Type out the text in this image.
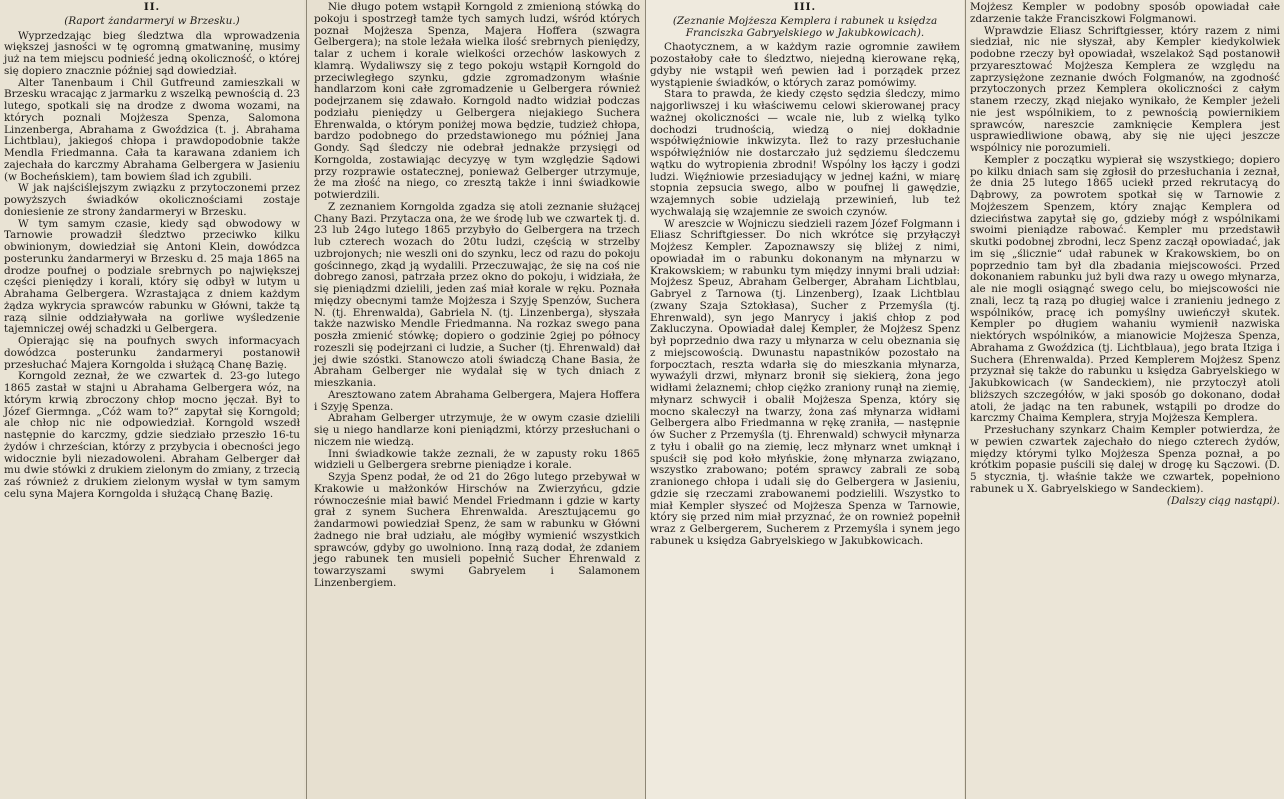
II.
(Raport żandarmeryi w Brzesku.)

Wyprzedzając bieg śledztwa dla wprowadzenia większej jasności w tę ogromną gmatwaninę, musimy już na tem miejscu podnieść jedną okoliczność, o której się dopiero znacznie później sąd dowiedział.

Alter Tanenbaum i Chil Gutfreund zamieszkali w Brzesku wracając z jarmarku z wszelką pewnością d. 23 lutego, spotkali się na drodze z dwoma wozami, na których poznali Mojżesza Spenza, Salomona Linzenberga, Abrahama z Gwoździca (t. j. Abrahama Lichtblau), jakiegoś chłopa i prawdopodobnie także Mendla Friedmanna. Cała ta karawana zdaniem ich zajechała do karczmy Abrahama Gelbergera w Jasieniu (w Bocheńskiem), tam bowiem ślad ich zgubili.

W jak najściślejszym związku z przytoczonemi przez powyższych świadków okolicznościami zostaje doniesienie ze strony żandarmeryi w Brzesku.

W tym samym czasie, kiedy sąd obwodowy w Tarnowie prowadził śledztwo przeciwko kilku obwinionym, dowiedział się Antoni Klein, dowódzca posterunku żandarmeryi w Brzesku d. 25 maja 1865 na drodze poufnej o podziale srebrnych po największej części pieniędzy i korali, który się odbył w lutym u Abrahama Gelbergera. Wzrastająca z dniem każdym żądza wykrycia sprawców rabunku w Główni, także tą razą silnie oddziaływała na gorliwe wyśledzenie tajemniczej owéj schadzki u Gelbergera.

Opierając się na poufnych swych informacyach dowódzca posterunku żandarmeryi postanowił przesłuchać Majera Korngolda i służącą Chanę Bazię.

Korngold zeznał, że we czwartek d. 23-go lutego 1865 zastał w stajni u Abrahama Gelbergera wóz, na którym krwią zbroczony chłop mocno jęczał. Był to Józef Giermnga. „Cóż wam to?“ zapytał się Korngold; ale chłop nic nie odpowiedział. Korngold wszedł następnie do karczmy, gdzie siedziało przeszło 16-tu żydów i chrześcian, którzy z przybycia i obecności jego widocznie byli niezadowoleni. Abraham Gelberger dał mu dwie stówki z drukiem zielonym do zmiany, z trzecią zaś również z drukiem zielonym wysłał w tym samym celu syna Majera Korngolda i służącą Chanę Bazię.

Nie długo potem wstąpił Korngold z zmienioną stówką do pokoju i spostrzegł tamże tych samych ludzi, wśród których poznał Mojżesza Spenza, Majera Hoffera (szwagra Gelbergera); na stole leżała wielka ilość srebrnych pieniędzy, talar z uchem i korale wielkości orzechów laskowych z klamrą. Wydaliwszy się z tego pokoju wstąpił Korngold do przeciwległego szynku, gdzie zgromadzonym właśnie handlarzom koni całe zgromadzenie u Gelbergera również podejrzanem się zdawało. Korngold nadto widział podczas podziału pieniędzy u Gelbergera niejakiego Suchera Ehrenwalda, o którym poniżej mowa będzie, tudzież chłopa, bardzo podobnego do przedstawionego mu później Jana Gondy. Sąd śledczy nie odebrał jednakże przysięgi od Korngolda, zostawiając decyzyę w tym względzie Sądowi przy rozprawie ostatecznej, ponieważ Gelberger utrzymuje, że ma złość na niego, co zresztą także i inni świadkowie potwierdzili.

Z zeznaniem Korngolda zgadza się atoli zeznanie służącej Chany Bazi. Przytacza ona, że we środę lub we czwartek tj. d. 23 lub 24go lutego 1865 przybyło do Gelbergera na trzech lub czterech wozach do 20tu ludzi, częścią w strzelby uzbrojonych; nie weszli oni do szynku, lecz od razu do pokoju gościnnego, zkąd ją wydalili. Przeczuwając, że się na coś nie dobrego zanosi, patrzała przez okno do pokoju, i widziała, że się pieniądzmi dzielili, jeden zaś miał korale w ręku. Poznała między obecnymi tamże Mojżesza i Szyję Spenzów, Suchera N. (tj. Ehrenwalda), Gabriela N. (tj. Linzenberga), słyszała także nazwisko Mendle Friedmanna. Na rozkaz swego pana poszła zmienić stówkę; dopiero o godzinie 2giej po północy rozeszli się podejrzani ci ludzie, a Sucher (tj. Ehrenwald) dał jej dwie szóstki. Stanowczo atoli świadczą Chane Basia, że Abraham Gelberger nie wydalał się w tych dniach z mieszkania.

Aresztowano zatem Abrahama Gelbergera, Majera Hoffera i Szyję Spenza.

Abraham Gelberger utrzymuje, że w owym czasie dzielili się u niego handlarze koni pieniądzmi, którzy przesłuchani o niczem nie wiedzą.

Inni świadkowie także zeznali, że w zapusty roku 1865 widzieli u Gelbergera srebrne pieniądze i korale.

Szyja Spenz podał, że od 21 do 26go lutego przebywał w Krakowie u małżonków Hirschów na Zwierzyńcu, gdzie równocześnie miał bawić Mendel Friedmann i gdzie w karty grał z synem Suchera Ehrenwalda. Aresztującemu go żandarmowi powiedział Spenz, że sam w rabunku w Główni żadnego nie brał udziału, ale mógłby wymienić wszystkich sprawców, gdyby go uwolniono. Inną razą dodał, że zdaniem jego rabunek ten musieli popełnić Sucher Ehrenwald z towarzyszami swymi Gabryelem i Salamonem Linzenbergiem.

III.
(Zeznanie Mojżesza Kemplera i rabunek u księdza Franciszka Gabryelskiego w Jakubkowicach).

Chaotycznem, a w każdym razie ogromnie zawiłem pozostałoby całe to śledztwo, niejedną kierowane ręką, gdyby nie wstąpił weń pewien ład i porządek przez wystąpienie świadków, o których zaraz pomówimy.

Stara to prawda, że kiedy często sędzia śledczy, mimo najgorliwszej i ku właściwemu celowi skierowanej pracy ważnej okoliczności — wcale nie, lub z wielką tylko dochodzi trudnością, wiedzą o niej dokładnie współwięźniowie inkwizyta. Ileż to razy przesłuchanie współwięźniów nie dostarczało już sędziemu śledczemu wątku do wytropienia zbrodni! Wspólny los łączy i godzi ludzi. Więźniowie przesiadujący w jednej kaźni, w miarę stopnia zepsucia swego, albo w poufnej li gawędzie, wzajemnych sobie udzielają przewinień, lub też wychwalają się wzajemnie ze swoich czynów.

W areszcie w Wojniczu siedzieli razem Józef Folgmann i Eliasz Schriftgiesser. Do nich wkrótce się przyłączył Mojżesz Kempler. Zapoznawszy się bliżej z nimi, opowiadał im o rabunku dokonanym na młynarzu w Krakowskiem; w rabunku tym między innymi brali udział: Mojżesz Speuz, Abraham Gelberger, Abraham Lichtblau, Gabryel z Tarnowa (tj. Linzenberg), Izaak Lichtblau (zwany Szaja Sztokłasa), Sucher z Przemyśla (tj. Ehrenwald), syn jego Manrycy i jakiś chłop z pod Zakluczyna. Opowiadał dalej Kempler, że Mojżesz Spenz był poprzednio dwa razy u młynarza w celu obeznania się z miejscowością. Dwunastu napastników pozostało na forpocztach, reszta wdarła się do mieszkania młynarza, wywaźyli drzwi, młynarz bronił się siekierą, żona jego widłami żelaznemi; chłop ciężko zraniony runął na ziemię, młynarz schwycił i obalił Mojżesza Spenza, który się mocno skaleczył na twarzy, żona zaś młynarza widłami Gelbergera albo Friedmanna w rękę zraniła, — następnie ów Sucher z Przemyśla (tj. Ehrenwald) schwycił młynarza z tyłu i obalił go na ziemię, lecz młynarz wnet umknął i spuścił się pod koło młyńskie, żonę młynarza związano, wszystko zrabowano; potém sprawcy zabrali ze sobą zranionego chłopa i udali się do Gelbergera w Jasieniu, gdzie się rzeczami zrabowanemi podzielili. Wszystko to miał Kempler słyszeć od Mojżesza Spenza w Tarnowie, który się przed nim miał przyznać, że on rownież popełnił wraz z Gelbergerem, Sucherem z Przemyśla i synem jego rabunek u księdza Gabryelskiego w Jakubkowicach.

Mojżesz Kempler w podobny sposób opowiadał całe zdarzenie także Franciszkowi Folgmanowi.

Wprawdzie Eliasz Schriftgiesser, który razem z nimi siedział, nic nie słyszał, aby Kempler kiedykolwiek podobne rzeczy był opowiadał, wszelakoż Sąd postanowił przyaresztować Mojżesza Kemplera ze względu na zaprzysiężone zeznanie dwóch Folgmanów, na zgodność przytoczonych przez Kemplera okoliczności z całym stanem rzeczy, zkąd niejako wynikało, że Kempler jeżeli nie jest wspólnikiem, to z pewnością powiernikiem sprawców, nareszcie zamknięcie Kemplera jest usprawiedliwione obawą, aby się nie ujęci jeszcze wspólnicy nie porozumieli.

Kempler z początku wypierał się wszystkiego; dopiero po kilku dniach sam się zgłosił do przesłuchania i zeznał, że dnia 25 lutego 1865 uciekł przed rekrutacyą do Dąbrowy, za powrotem spotkał się w Tarnowie z Mojżeszem Spenzem, który znając Kemplera od dzieciństwa zapytał się go, gdzieby mógł z wspólnikami swoimi pieniądze rabować. Kempler mu przedstawił skutki podobnej zbrodni, lecz Spenz zaczął opowiadać, jak im się „ślicznie“ udał rabunek w Krakowskiem, bo on poprzednio tam był dla zbadania miejscowości. Przed dokonaniem rabunku już byli dwa razy u owego młynarza, ale nie mogli osiągnąć swego celu, bo miejscowości nie znali, lecz tą razą po długiej walce i zranieniu jednego z wspólników, pracę ich pomyślny uwieńczył skutek. Kempler po długiem wahaniu wymienił nazwiska niektórych wspólników, a mianowicie Mojżesza Spenza, Abrahama z Gwoździca (tj. Lichtblaua), jego brata Itziga i Suchera (Ehrenwalda). Przed Kemplerem Mojżesz Spenz przyznał się także do rabunku u księdza Gabryelskiego w Jakubkowicach (w Sandeckiem), nie przytoczył atoli bliższych szczegółów, w jaki sposób go dokonano, dodał atoli, że jadąc na ten rabunek, wstąpili po drodze do karczmy Chaima Kemplera, stryja Mojżesza Kemplera.

Przesłuchany szynkarz Chaim Kempler potwierdza, że w pewien czwartek zajechało do niego czterech żydów, między którymi tylko Mojżesza Spenza poznał, a po krótkim popasie puścili się dalej w drogę ku Sączowi. (D. 5 stycznia, tj. właśnie także we czwartek, popełniono rabunek u X. Gabryelskiego w Sandeckiem).

(Dalszy ciąg nastąpi).
